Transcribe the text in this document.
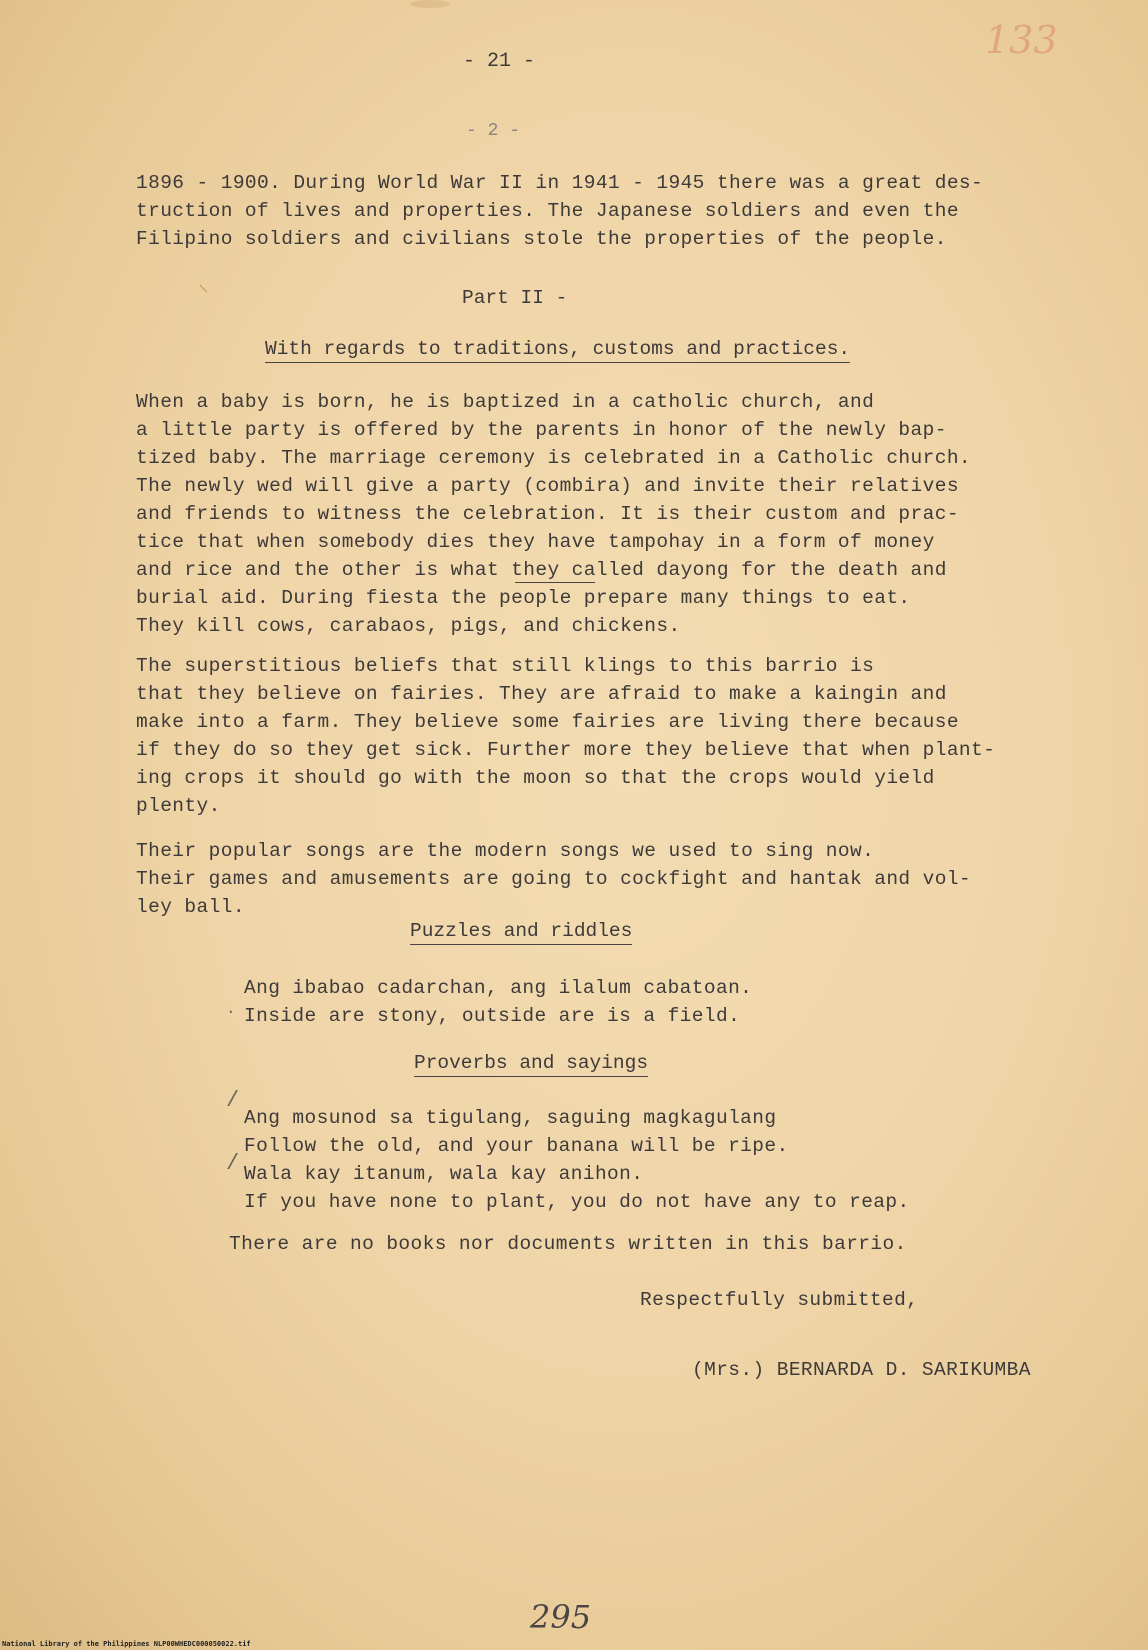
- 21 -
- 2 -
133
1896 - 1900. During World War II in 1941 - 1945 there was a great des-
truction of lives and properties. The Japanese soldiers and even the
Filipino soldiers and civilians stole the properties of the people.
⸜	Part II -
With regards to traditions, customs and practices.
When a baby is born, he is baptized in a catholic church, and
a little party is offered by the parents in honor of the newly bap-
tized baby. The marriage ceremony is celebrated in a Catholic church.
The newly wed will give a party (combira) and invite their relatives
and friends to witness the celebration. It is their custom and prac-
tice that when somebody dies they have tampohay in a form of money
and rice and the other is what they called dayong for the death and
burial aid. During fiesta the people prepare many things to eat.
They kill cows, carabaos, pigs, and chickens.
The superstitious beliefs that still klings to this barrio is
that they believe on fairies. They are afraid to make a kaingin and
make into a farm. They believe some fairies are living there because
if they do so they get sick. Further more they believe that when plant-
ing crops it should go with the moon so that the crops would yield
plenty.
Their popular songs are the modern songs we used to sing now.
Their games and amusements are going to cockfight and hantak and vol-
ley ball.
Puzzles and riddles
Ang ibabao cadarchan, ang ilalum cabatoan.
Inside are stony, outside are is a field.
·
Proverbs and sayings
/
/
Ang mosunod sa tigulang, saguing magkagulang
Follow the old, and your banana will be ripe.
Wala kay itanum, wala kay anihon.
If you have none to plant, you do not have any to reap.
There are no books nor documents written in this barrio.
Respectfully submitted,
(Mrs.) BERNARDA D. SARIKUMBA
295
National Library of the Philippines NLP00WHEDC000050022.tif
